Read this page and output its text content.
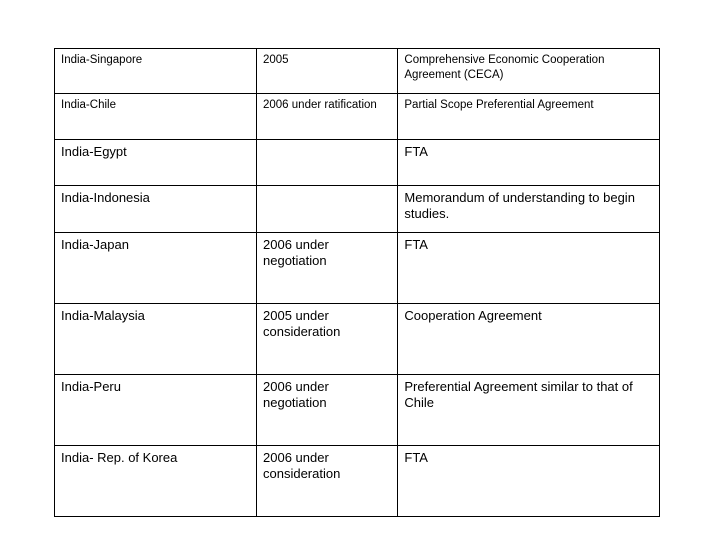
India-Singapore	2005	Comprehensive Economic Cooperation Agreement (CECA)
India-Chile	2006 under ratification	Partial Scope Preferential Agreement
India-Egypt		FTA
India-Indonesia		Memorandum of understanding to begin studies.
India-Japan	2006 under negotiation	FTA
India-Malaysia	2005 under consideration	Cooperation Agreement
India-Peru	2006 under negotiation	Preferential Agreement similar to that of Chile
India- Rep. of Korea	2006 under consideration	FTA
